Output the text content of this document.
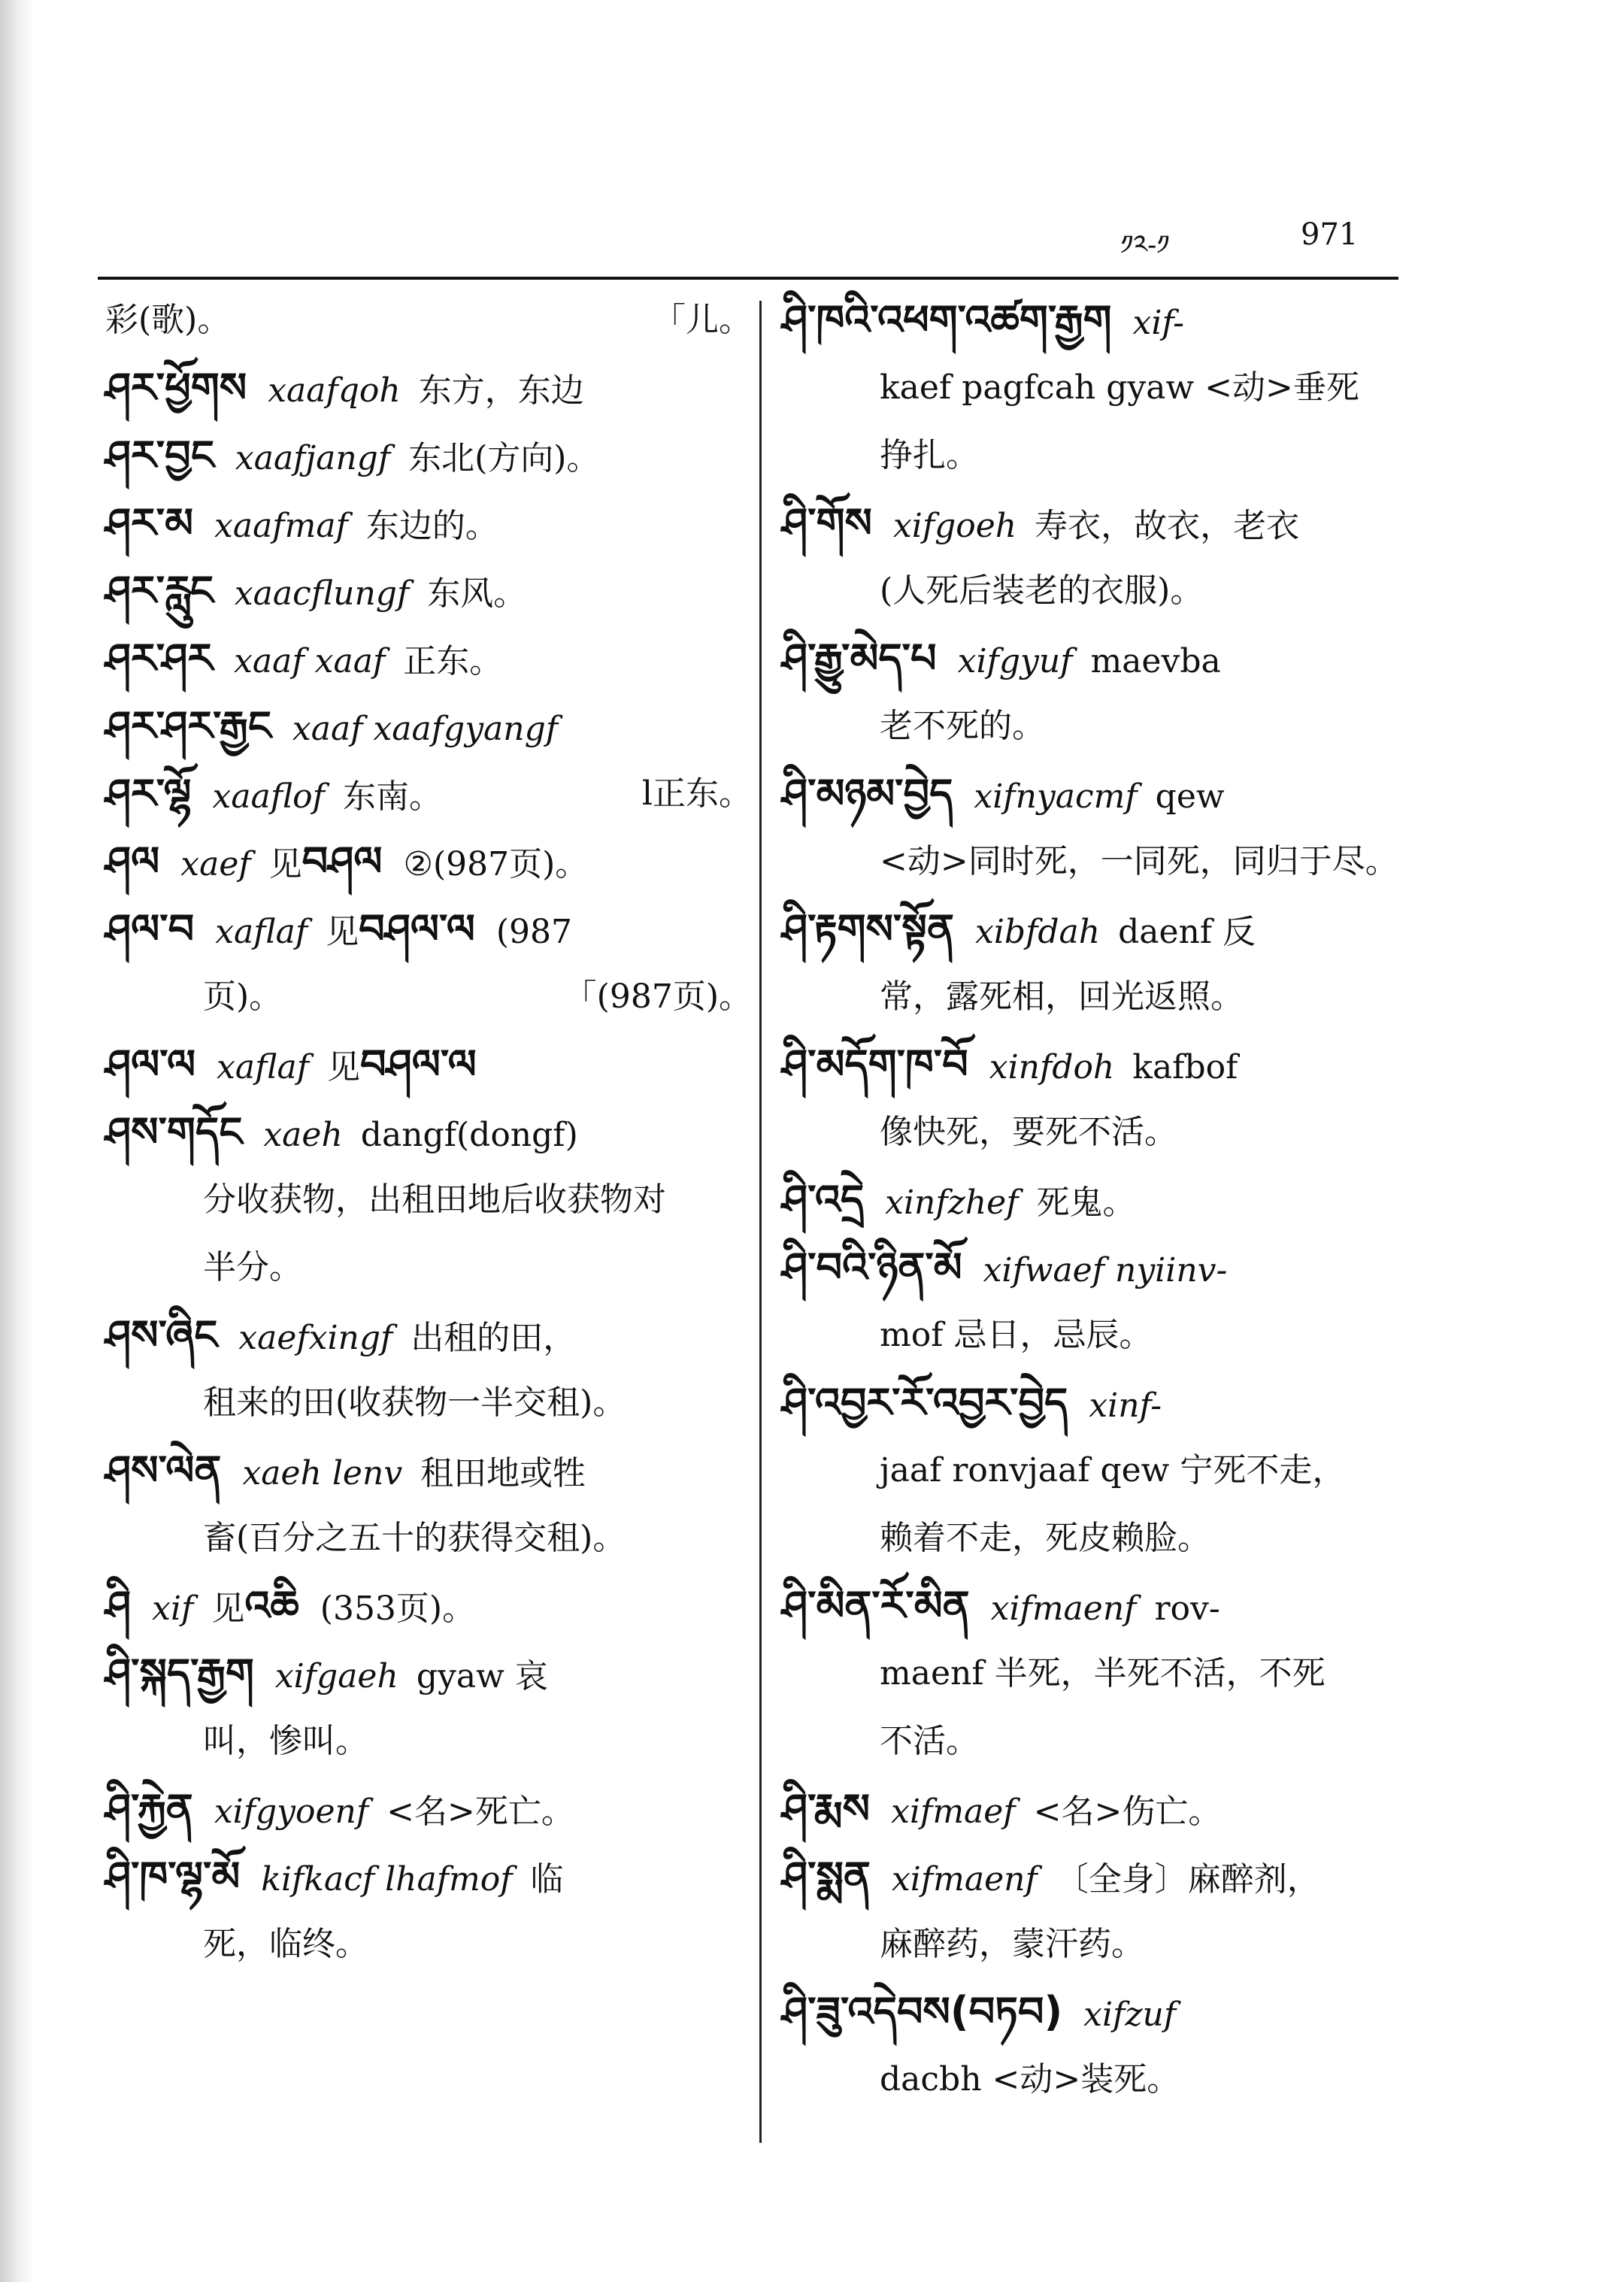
༡༢-༡	971
彩(歌)。	「儿。
ཤར་ཕྱོགས xaafqoh 东方，东边
ཤར་བྱང xaafjangf 东北(方向)。
ཤར་མ xaafmaf 东边的。
ཤར་རླུང xaacflungf 东风。
ཤར་ཤར xaaf xaaf 正东。
ཤར་ཤར་རྒྱང xaaf xaafgyangf
ཤར་ལྷོ xaaflof 东南。	l正东。
ཤལ xaef 见བཤལ ②(987页)。
ཤལ་བ xaflaf 见བཤལ་ལ (987
页)。	「(987页)。
ཤལ་ལ xaflaf 见བཤལ་ལ
ཤས་གདོང xaeh dangf(dongf)
分收获物，出租田地后收获物对
半分。
ཤས་ཞིང xaefxingf 出租的田，
租来的田(收获物一半交租)。
ཤས་ལེན xaeh lenv 租田地或牲
畜(百分之五十的获得交租)。
ཤི xif 见འཆི (353页)。
ཤི་སྐད་རྒྱག xifgaeh gyaw 哀
叫，惨叫。
ཤི་རྐྱེན xifgyoenf <名>死亡。
ཤི་ཁ་ལྷ་མོ kifkacf lhafmof 临
死，临终。
ཤི་ཁའི་འཕག་འཚག་རྒྱག xif-
kaef pagfcah gyaw <动>垂死
挣扎。
ཤི་གོས xifgoeh 寿衣，故衣，老衣
(人死后装老的衣服)。
ཤི་རྒྱུ་མེད་པ xifgyuf maevba
老不死的。
ཤི་མཉམ་བྱེད xifnyacmf qew
<动>同时死，一同死，同归于尽。
ཤི་རྟགས་སྟོན xibfdah daenf 反
常，露死相，回光返照。
ཤི་མདོག་ཁ་བོ xinfdoh kafbof
像快死，要死不活。
ཤི་འདྲེ xinfzhef 死鬼。
ཤི་བའི་ཉིན་མོ xifwaef nyiinv-
mof 忌日，忌辰。
ཤི་འབྱར་རོ་འབྱར་བྱེད xinf-
jaaf ronvjaaf qew 宁死不走，
赖着不走，死皮赖脸。
ཤི་མིན་རོ་མིན xifmaenf rov-
maenf 半死，半死不活，不死
不活。
ཤི་རྨས xifmaef <名>伤亡。
ཤི་སྨན xifmaenf 〔全身〕麻醉剂，
麻醉药，蒙汗药。
ཤི་ཟུ་འདེབས(བཏབ) xifzuf
dacbh <动>装死。
